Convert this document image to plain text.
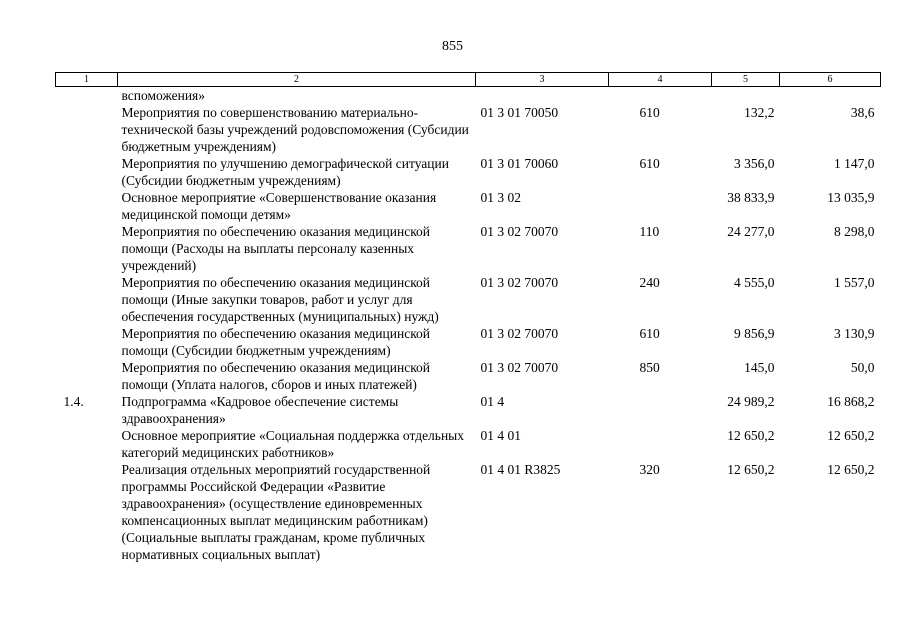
855
1	2	3	4	5	6
	вспоможения»				
	Мероприятия по совершенствованию материально-технической базы учреждений родовспоможения (Субсидии бюджетным учреждениям)	01 3 01 70050	610	132,2	38,6
	Мероприятия по улучшению демографической ситуации (Субсидии бюджетным учреждениям)	01 3 01 70060	610	3 356,0	1 147,0
	Основное мероприятие «Совершенствование оказания медицинской помощи детям»	01 3 02		38 833,9	13 035,9
	Мероприятия по обеспечению оказания медицинской помощи (Расходы на выплаты персоналу казенных учреждений)	01 3 02 70070	110	24 277,0	8 298,0
	Мероприятия по обеспечению оказания медицинской помощи (Иные закупки товаров, работ и услуг для обеспечения государственных (муниципальных) нужд)	01 3 02 70070	240	4 555,0	1 557,0
	Мероприятия по обеспечению оказания медицинской помощи (Субсидии бюджетным учреждениям)	01 3 02 70070	610	9 856,9	3 130,9
	Мероприятия по обеспечению оказания медицинской помощи (Уплата налогов, сборов и иных платежей)	01 3 02 70070	850	145,0	50,0
1.4.	Подпрограмма «Кадровое обеспечение системы здравоохранения»	01 4		24 989,2	16 868,2
	Основное мероприятие «Социальная поддержка отдельных категорий медицинских работников»	01 4 01		12 650,2	12 650,2
	Реализация отдельных мероприятий государственной программы Российской Федерации «Развитие здравоохранения» (осуществление единовременных компенсационных выплат медицинским работникам) (Социальные выплаты гражданам, кроме публичных нормативных социальных выплат)	01 4 01 R3825	320	12 650,2	12 650,2
